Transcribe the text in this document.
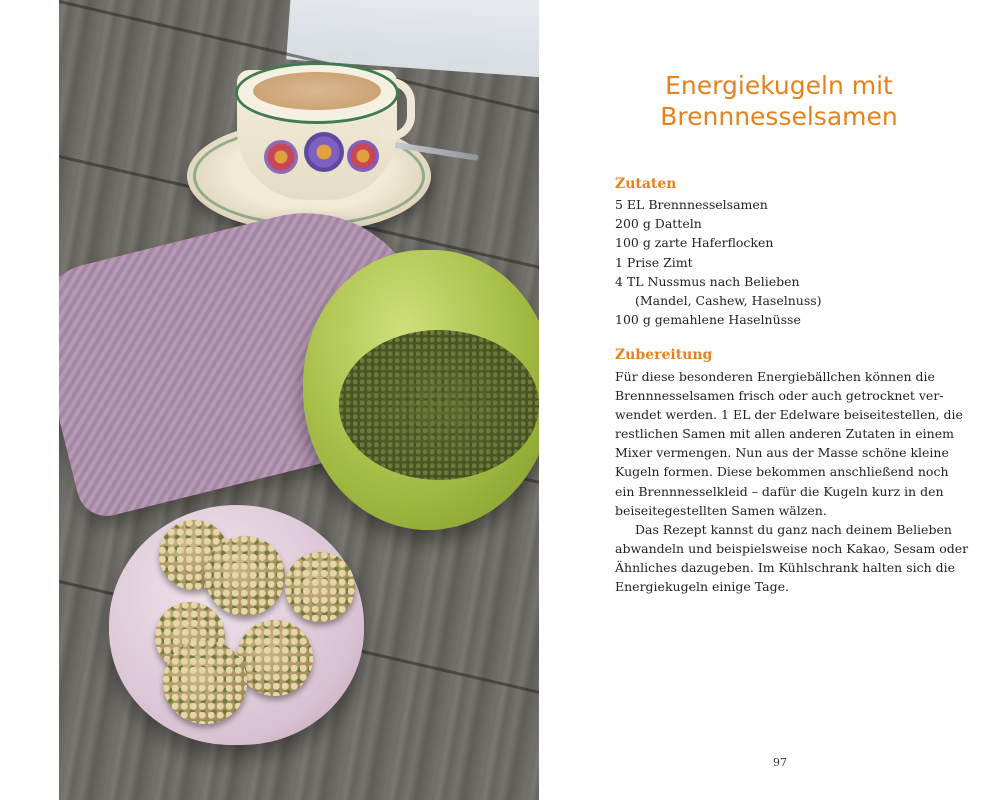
Energiekugeln mit
Brennnesselsamen
Zutaten
5 EL Brennnesselsamen
200 g Datteln
100 g zarte Haferflocken
1 Prise Zimt
4 TL Nussmus nach Belieben
(Mandel, Cashew, Haselnuss)
100 g gemahlene Haselnüsse
Zubereitung
Für diese besonderen Energiebällchen können die
Brennnesselsamen frisch oder auch getrocknet ver-
wendet werden. 1 EL der Edelware beiseitestellen, die
restlichen Samen mit allen anderen Zutaten in einem
Mixer vermengen. Nun aus der Masse schöne kleine
Kugeln formen. Diese bekommen anschließend noch
ein Brennnesselkleid – dafür die Kugeln kurz in den
beiseitegestellten Samen wälzen.
Das Rezept kannst du ganz nach deinem Belieben
abwandeln und beispielsweise noch Kakao, Sesam oder
Ähnliches dazugeben. Im Kühlschrank halten sich die
Energiekugeln einige Tage.
97
